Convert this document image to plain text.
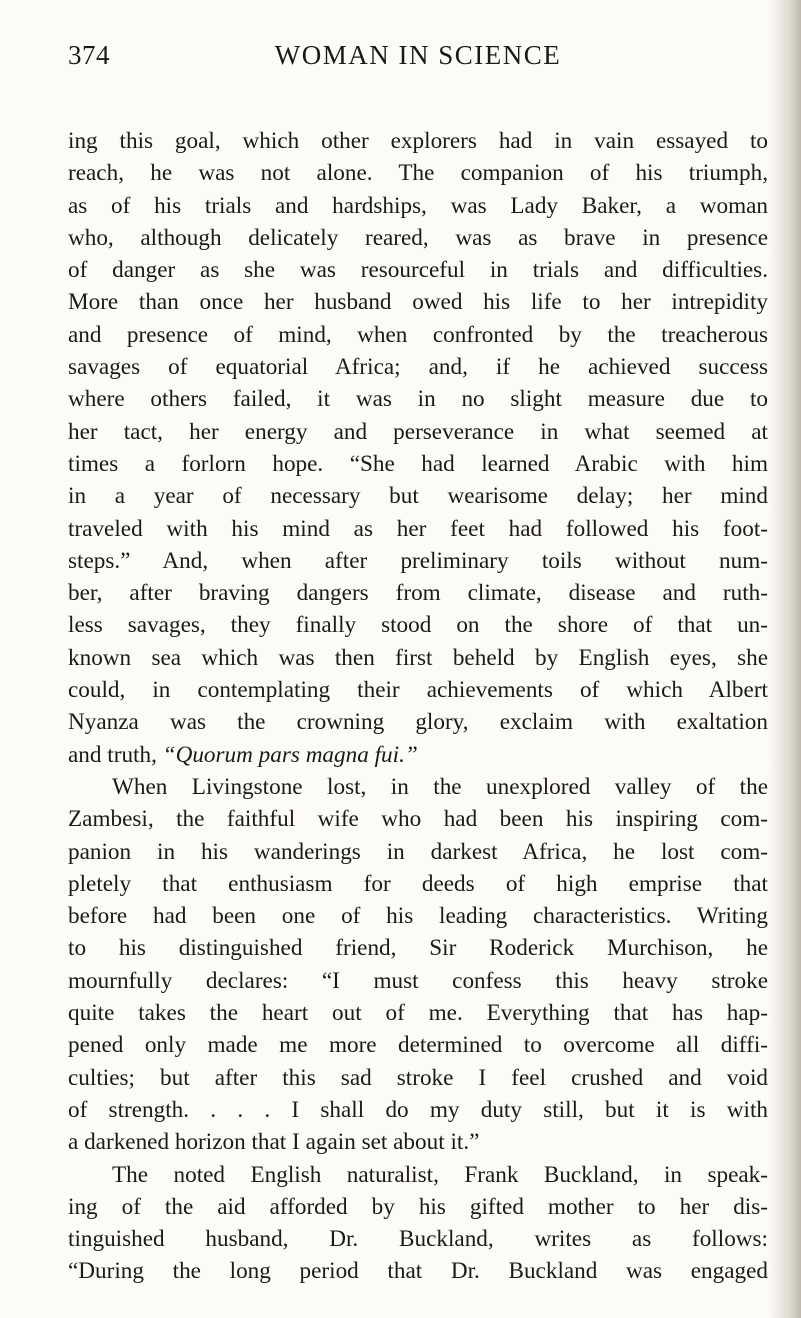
374	WOMAN IN SCIENCE
ing this goal, which other explorers had in vain essayed to
reach, he was not alone. The companion of his triumph,
as of his trials and hardships, was Lady Baker, a woman
who, although delicately reared, was as brave in presence
of danger as she was resourceful in trials and difficulties.
More than once her husband owed his life to her intrepidity
and presence of mind, when confronted by the treacherous
savages of equatorial Africa; and, if he achieved success
where others failed, it was in no slight measure due to
her tact, her energy and perseverance in what seemed at
times a forlorn hope. “She had learned Arabic with him
in a year of necessary but wearisome delay; her mind
traveled with his mind as her feet had followed his foot-
steps.” And, when after preliminary toils without num-
ber, after braving dangers from climate, disease and ruth-
less savages, they finally stood on the shore of that un-
known sea which was then first beheld by English eyes, she
could, in contemplating their achievements of which Albert
Nyanza was the crowning glory, exclaim with exaltation
and truth, “Quorum pars magna fui.”
When Livingstone lost, in the unexplored valley of the
Zambesi, the faithful wife who had been his inspiring com-
panion in his wanderings in darkest Africa, he lost com-
pletely that enthusiasm for deeds of high emprise that
before had been one of his leading characteristics. Writing
to his distinguished friend, Sir Roderick Murchison, he
mournfully declares: “I must confess this heavy stroke
quite takes the heart out of me. Everything that has hap-
pened only made me more determined to overcome all diffi-
culties; but after this sad stroke I feel crushed and void
of strength. . . . I shall do my duty still, but it is with
a darkened horizon that I again set about it.”
The noted English naturalist, Frank Buckland, in speak-
ing of the aid afforded by his gifted mother to her dis-
tinguished husband, Dr. Buckland, writes as follows:
“During the long period that Dr. Buckland was engaged
